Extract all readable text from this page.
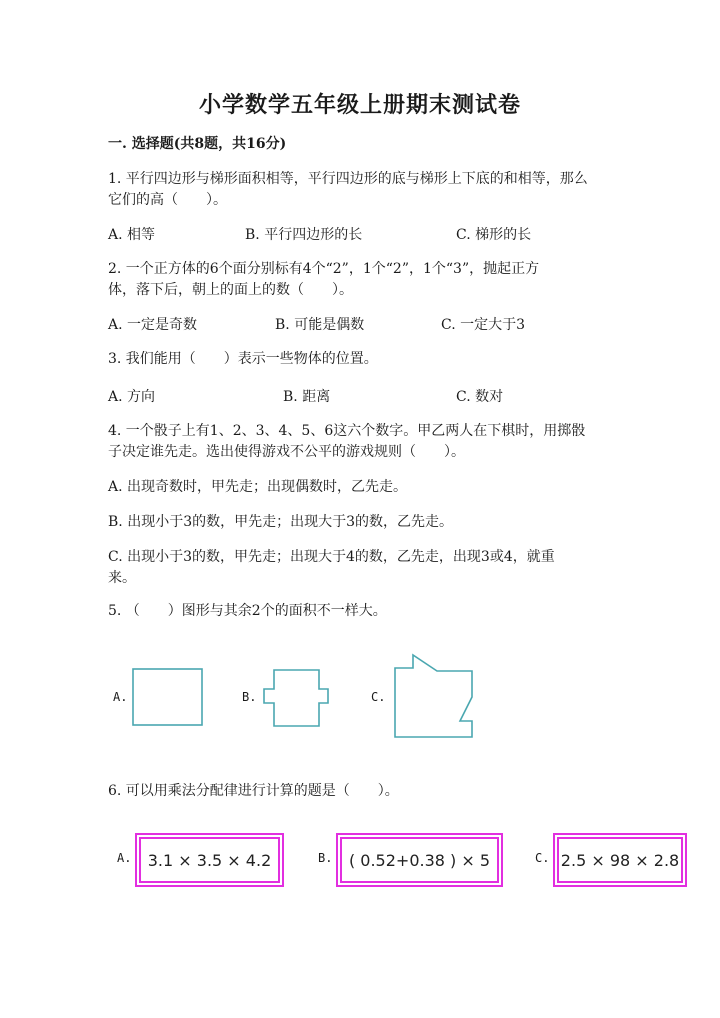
小学数学五年级上册期末测试卷
一. 选择题(共8题，共16分)
1. 平行四边形与梯形面积相等，平行四边形的底与梯形上下底的和相等，那么
它们的高（　　）。
A. 相等	B. 平行四边形的长	C. 梯形的长
2. 一个正方体的6个面分别标有4个“2”，1个“2”，1个“3”，抛起正方
体，落下后，朝上的面上的数（　　）。
A. 一定是奇数	B. 可能是偶数	C. 一定大于3
3. 我们能用（　　）表示一些物体的位置。
A. 方向	B. 距离	C. 数对
4. 一个骰子上有1、2、3、4、5、6这六个数字。甲乙两人在下棋时，用掷骰
子决定谁先走。选出使得游戏不公平的游戏规则（　　）。
A. 出现奇数时，甲先走；出现偶数时，乙先走。
B. 出现小于3的数，甲先走；出现大于3的数，乙先走。
C. 出现小于3的数，甲先走；出现大于4的数，乙先走，出现3或4，就重
来。
5. （　　）图形与其余2个的面积不一样大。
A.	B.	C.
6. 可以用乘法分配律进行计算的题是（　　）。
A. 3.1 × 3.5 × 4.2	B. ( 0.52+0.38 ) × 5	C. 2.5 × 98 × 2.8
